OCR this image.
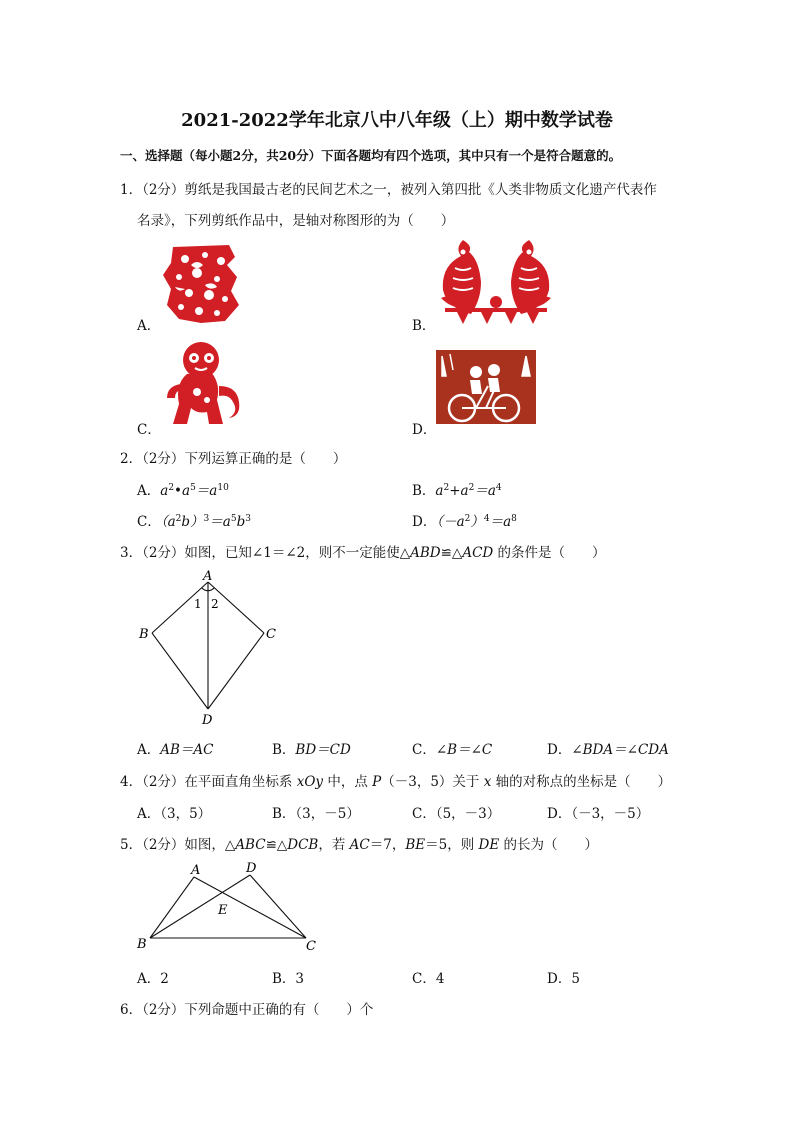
2021-2022学年北京八中八年级（上）期中数学试卷
一、选择题（每小题2分，共20分）下面各题均有四个选项，其中只有一个是符合题意的。
1．（2分）剪纸是我国最古老的民间艺术之一，被列入第四批《人类非物质文化遗产代表作
名录》，下列剪纸作品中，是轴对称图形的为（　　）
A．	B．
C．	D．
2．（2分）下列运算正确的是（　　）
A．$a^2•a^5=a^{10}$	B．$a^2+a^2=a^4$
C．$(a^2b)^3=a^5b^3$	D．$(-a^2)^4=a^8$
3．（2分）如图，已知∠1＝∠2，则不一定能使△ABD≌△ACD 的条件是（　　）
A
B	C
D
1 2
A．AB＝AC	B．BD＝CD	C．∠B＝∠C	D．∠BDA＝∠CDA
4．（2分）在平面直角坐标系 xOy 中，点 P（－3，5）关于 x 轴的对称点的坐标是（　　）
A．（3，5）	B．（3，－5）	C．（5，－3）	D．（－3，－5）
5．（2分）如图，△ABC≌△DCB，若 AC＝7，BE＝5，则 DE 的长为（　　）
A	D
E
B	C
A．2	B．3	C．4	D．5
6．（2分）下列命题中正确的有（　　）个
